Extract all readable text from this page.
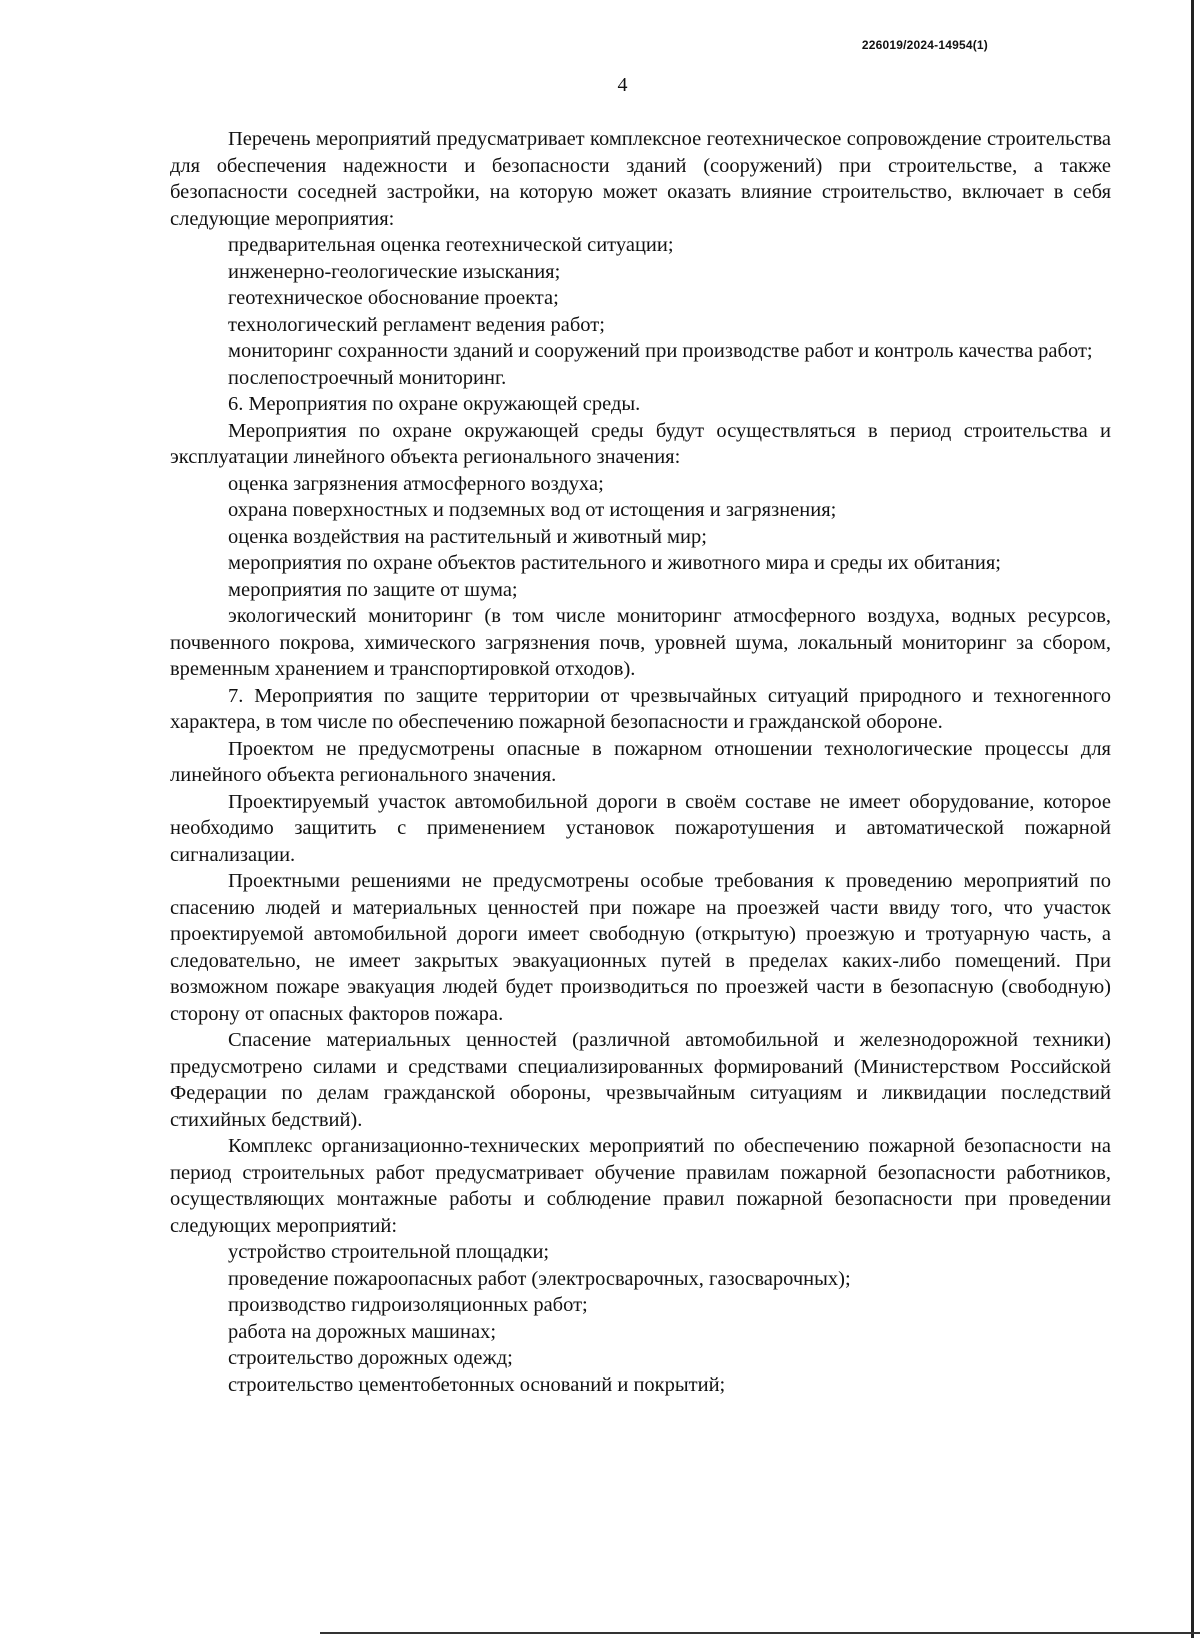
226019/2024-14954(1)
4

Перечень мероприятий предусматривает комплексное геотехническое сопровождение строительства для обеспечения надежности и безопасности зданий (сооружений) при строительстве, а также безопасности соседней застройки, на которую может оказать влияние строительство, включает в себя следующие мероприятия:

предварительная оценка геотехнической ситуации;

инженерно-геологические изыскания;

геотехническое обоснование проекта;

технологический регламент ведения работ;

мониторинг сохранности зданий и сооружений при производстве работ и контроль качества работ;

послепостроечный мониторинг.

6. Мероприятия по охране окружающей среды.

Мероприятия по охране окружающей среды будут осуществляться в период строительства и эксплуатации линейного объекта регионального значения:

оценка загрязнения атмосферного воздуха;

охрана поверхностных и подземных вод от истощения и загрязнения;

оценка воздействия на растительный и животный мир;

мероприятия по охране объектов растительного и животного мира и среды их обитания;

мероприятия по защите от шума;

экологический мониторинг (в том числе мониторинг атмосферного воздуха, водных ресурсов, почвенного покрова, химического загрязнения почв, уровней шума, локальный мониторинг за сбором, временным хранением и транспортировкой отходов).

7. Мероприятия по защите территории от чрезвычайных ситуаций природного и техногенного характера, в том числе по обеспечению пожарной безопасности и гражданской обороне.

Проектом не предусмотрены опасные в пожарном отношении технологические процессы для линейного объекта регионального значения.

Проектируемый участок автомобильной дороги в своём составе не имеет оборудование, которое необходимо защитить с применением установок пожаротушения и автоматической пожарной сигнализации.

Проектными решениями не предусмотрены особые требования к проведению мероприятий по спасению людей и материальных ценностей при пожаре на проезжей части ввиду того, что участок проектируемой автомобильной дороги имеет свободную (открытую) проезжую и тротуарную часть, а следовательно, не имеет закрытых эвакуационных путей в пределах каких-либо помещений. При возможном пожаре эвакуация людей будет производиться по проезжей части в безопасную (свободную) сторону от опасных факторов пожара.

Спасение материальных ценностей (различной автомобильной и железнодорожной техники) предусмотрено силами и средствами специализированных формирований (Министерством Российской Федерации по делам гражданской обороны, чрезвычайным ситуациям и ликвидации последствий стихийных бедствий).

Комплекс организационно-технических мероприятий по обеспечению пожарной безопасности на период строительных работ предусматривает обучение правилам пожарной безопасности работников, осуществляющих монтажные работы и соблюдение правил пожарной безопасности при проведении следующих мероприятий:

устройство строительной площадки;

проведение пожароопасных работ (электросварочных, газосварочных);

производство гидроизоляционных работ;

работа на дорожных машинах;

строительство дорожных одежд;

строительство цементобетонных оснований и покрытий;
